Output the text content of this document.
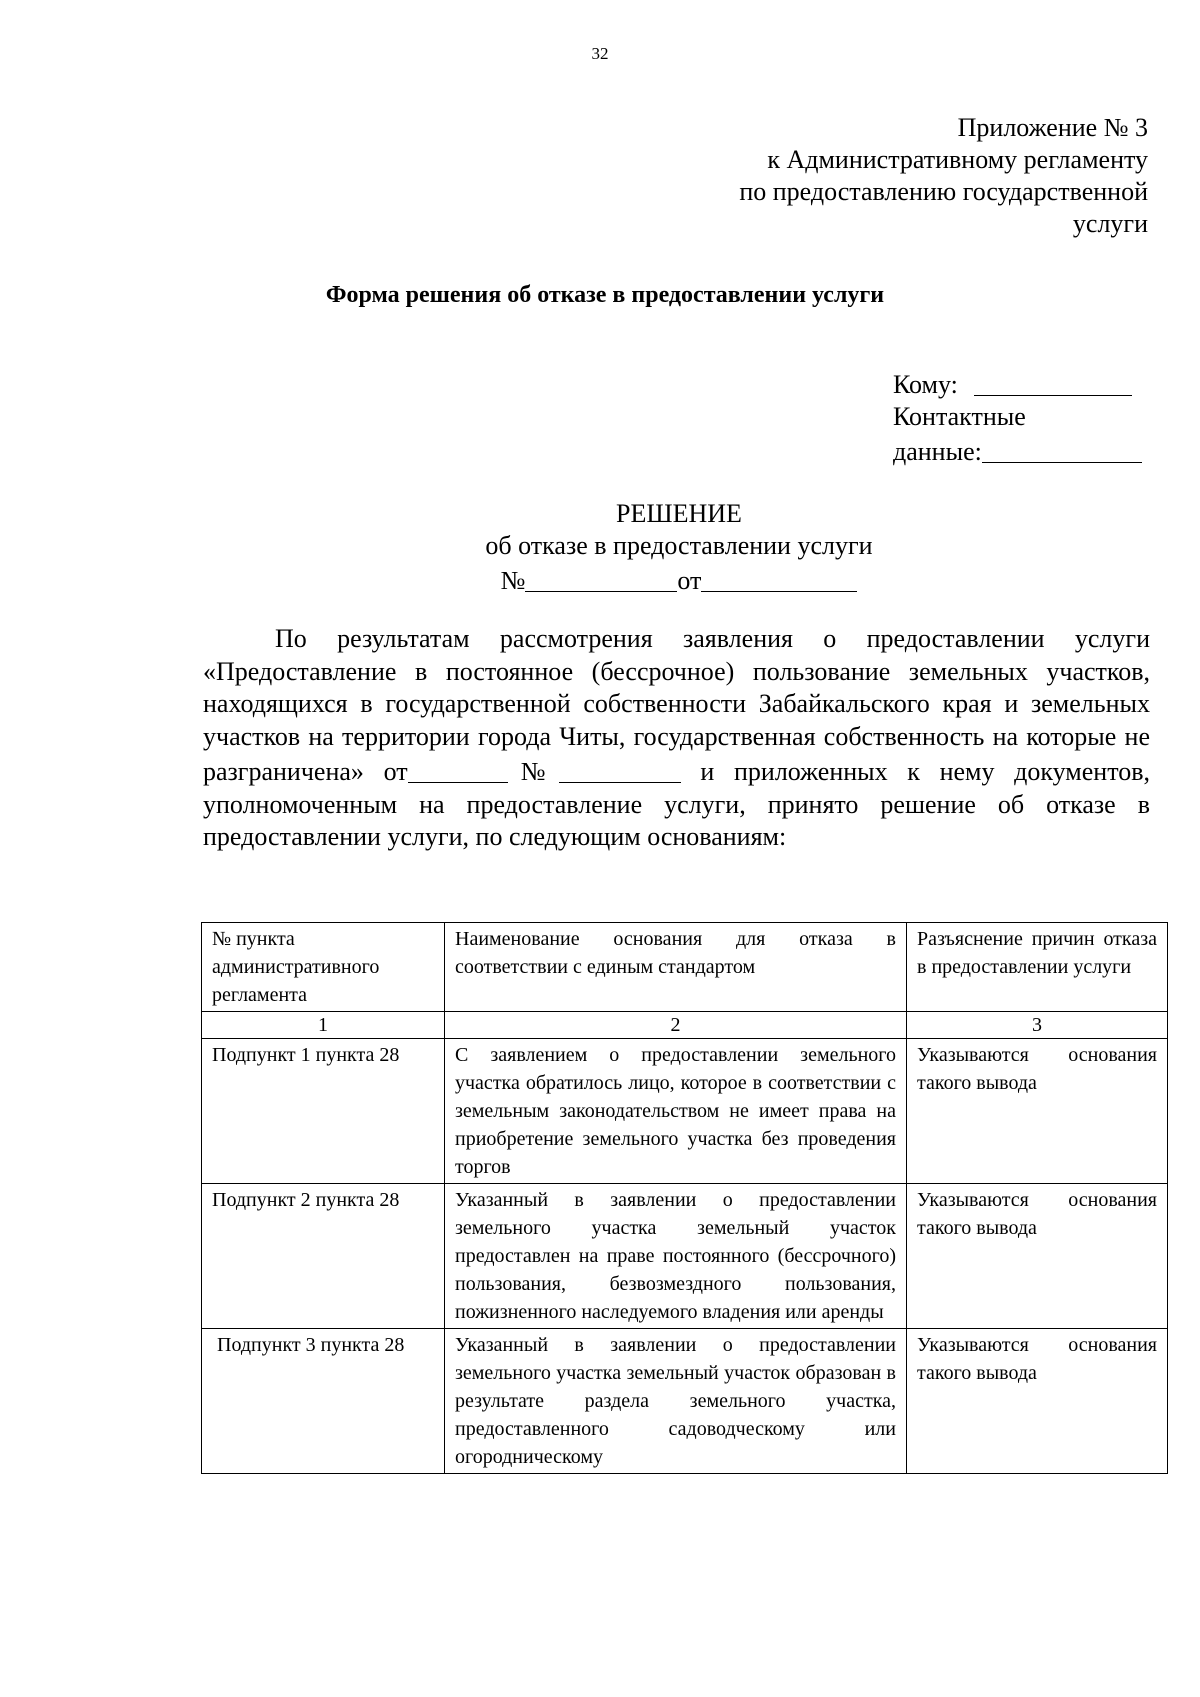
32
Приложение № 3
к Административному регламенту
по предоставлению государственной
услуги
Форма решения об отказе в предоставлении услуги
Кому:
Контактные
данные:
РЕШЕНИЕ
об отказе в предоставлении услуги
№	от

По результатам рассмотрения заявления о предоставлении услуги «Предоставление в постоянное (бессрочное) пользование земельных участков, находящихся в государственной собственности Забайкальского края и земельных участков на территории города Читы, государственная собственность на которые не разграничена» от	№	и приложенных к нему документов, уполномоченным на предоставление услуги, принято решение об отказе в предоставлении услуги, по следующим основаниям:

№ пункта административного регламента	Наименование основания для отказа в соответствии с единым стандартом	Разъяснение причин отказа в предоставлении услуги
1	2	3
Подпункт 1 пункта 28	С заявлением о предоставлении земельного участка обратилось лицо, которое в соответствии с земельным законодательством не имеет права на приобретение земельного участка без проведения торгов	Указываются основания такого вывода
Подпункт 2 пункта 28	Указанный в заявлении о предоставлении земельного участка земельный участок предоставлен на праве постоянного (бессрочного) пользования, безвозмездного пользования, пожизненного наследуемого владения или аренды	Указываются основания такого вывода
Подпункт 3 пункта 28	Указанный в заявлении о предоставлении земельного участка земельный участок образован в результате раздела земельного участка, предоставленного садоводческому или огородническому	Указываются основания такого вывода
